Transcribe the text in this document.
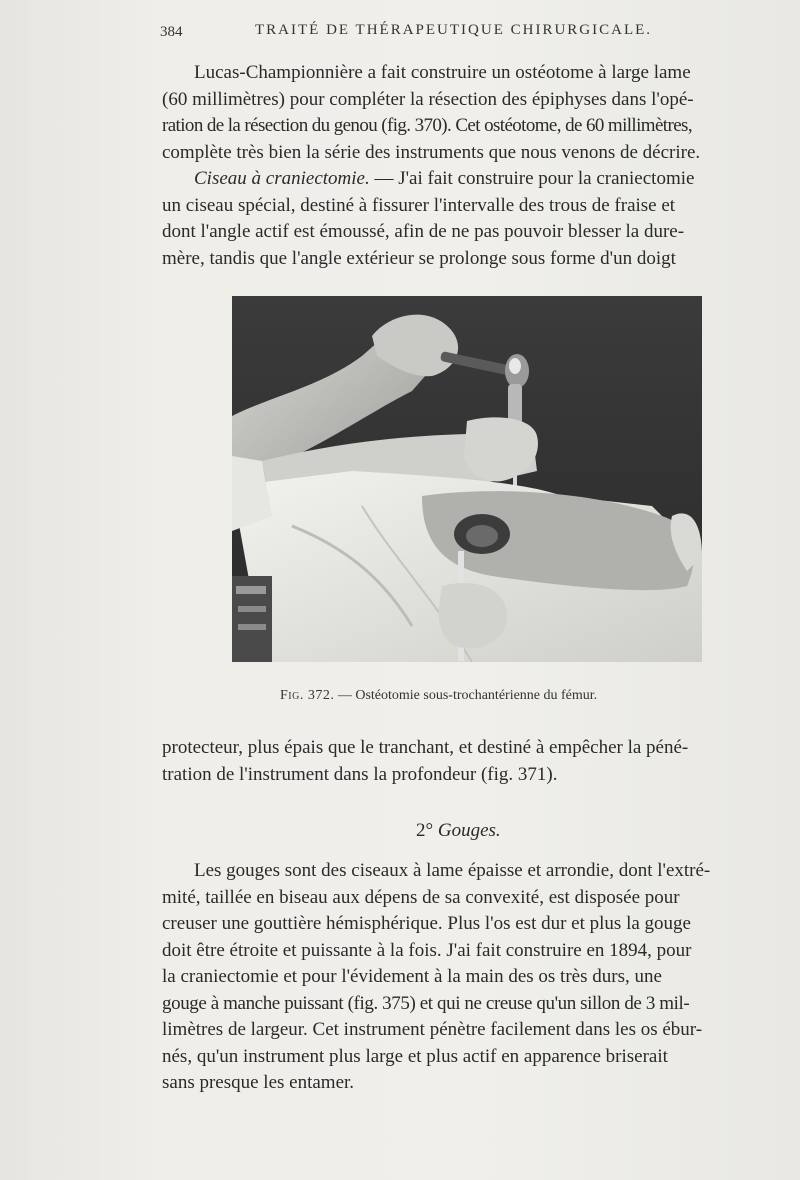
384	TRAITÉ DE THÉRAPEUTIQUE CHIRURGICALE.
Lucas-Championnière a fait construire un ostéotome à large lame
(60 millimètres) pour compléter la résection des épiphyses dans l'opé-
ration de la résection du genou (fig. 370). Cet ostéotome, de 60 millimètres,
complète très bien la série des instruments que nous venons de décrire.
Ciseau à craniectomie. — J'ai fait construire pour la craniectomie
un ciseau spécial, destiné à fissurer l'intervalle des trous de fraise et
dont l'angle actif est émoussé, afin de ne pas pouvoir blesser la dure-
mère, tandis que l'angle extérieur se prolonge sous forme d'un doigt
Fig. 372. — Ostéotomie sous-trochantérienne du fémur.
protecteur, plus épais que le tranchant, et destiné à empêcher la péné-
tration de l'instrument dans la profondeur (fig. 371).
2° Gouges.
Les gouges sont des ciseaux à lame épaisse et arrondie, dont l'extré-
mité, taillée en biseau aux dépens de sa convexité, est disposée pour
creuser une gouttière hémisphérique. Plus l'os est dur et plus la gouge
doit être étroite et puissante à la fois. J'ai fait construire en 1894, pour
la craniectomie et pour l'évidement à la main des os très durs, une
gouge à manche puissant (fig. 375) et qui ne creuse qu'un sillon de 3 mil-
limètres de largeur. Cet instrument pénètre facilement dans les os ébur-
nés, qu'un instrument plus large et plus actif en apparence briserait
sans presque les entamer.
